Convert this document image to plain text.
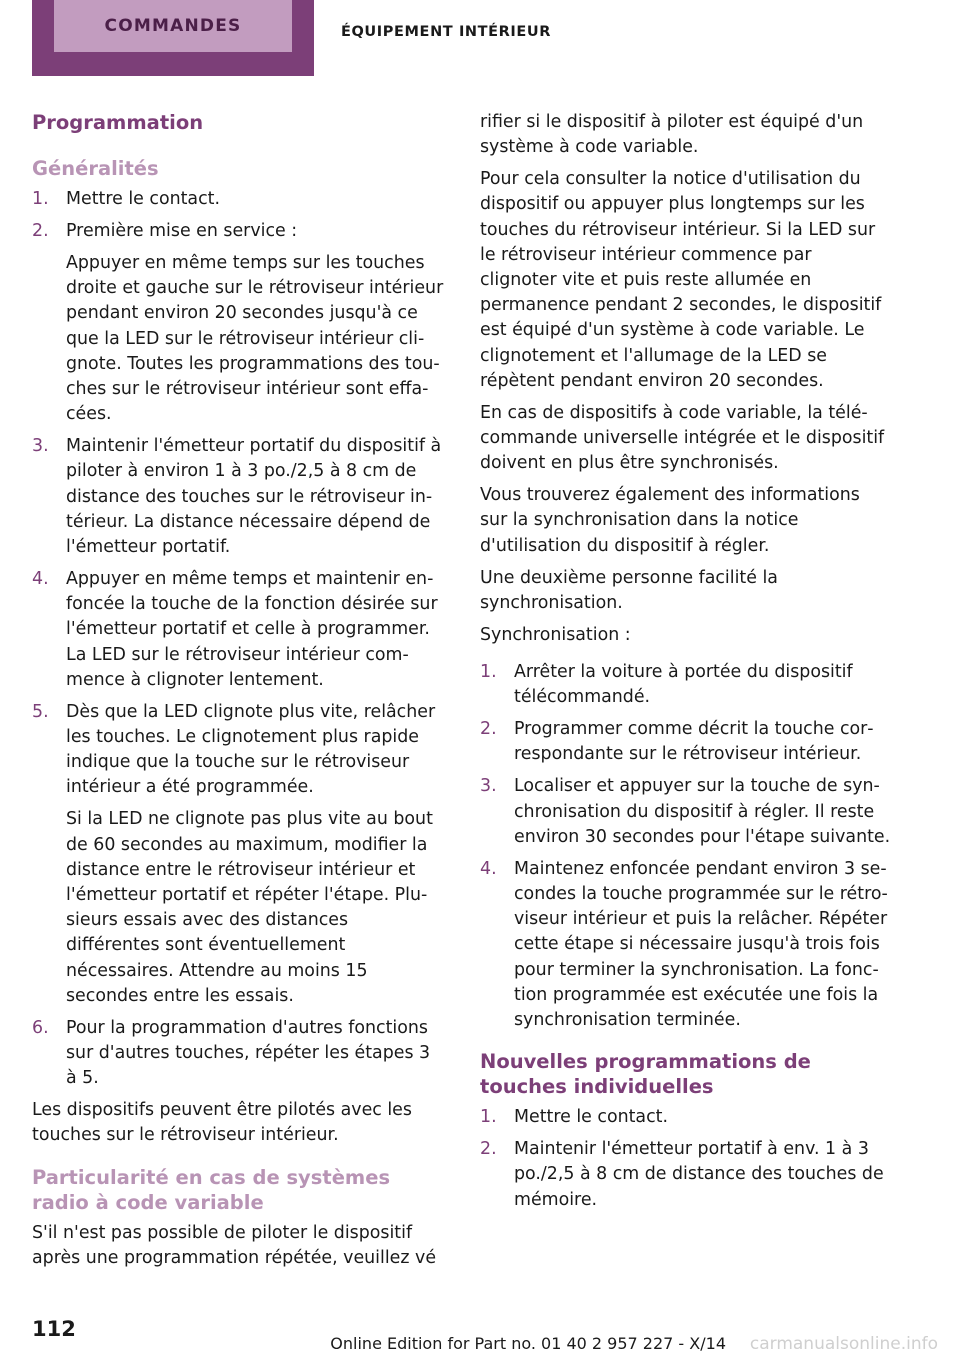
COMMANDES	ÉQUIPEMENT INTÉRIEUR
Programmation
Généralités
1. Mettre le contact.
2. Première mise en service :

Appuyer en même temps sur les touches droite et gauche sur le rétroviseur intérieur pendant environ 20 secondes jusqu'à ce que la LED sur le rétroviseur intérieur clignote. Toutes les programmations des touches sur le rétroviseur intérieur sont effacées.

3. Maintenir l'émetteur portatif du dispositif à piloter à environ 1 à 3 po./2,5 à 8 cm de distance des touches sur le rétroviseur intérieur. La distance nécessaire dépend de l'émetteur portatif.
4. Appuyer en même temps et maintenir enfoncée la touche de la fonction désirée sur l'émetteur portatif et celle à programmer. La LED sur le rétroviseur intérieur commence à clignoter lentement.
5. Dès que la LED clignote plus vite, relâcher les touches. Le clignotement plus rapide indique que la touche sur le rétroviseur intérieur a été programmée.

Si la LED ne clignote pas plus vite au bout de 60 secondes au maximum, modifier la distance entre le rétroviseur intérieur et l'émetteur portatif et répéter l'étape. Plusieurs essais avec des distances différentes sont éventuellement nécessaires. Attendre au moins 15 secondes entre les essais.

6. Pour la programmation d'autres fonctions sur d'autres touches, répéter les étapes 3 à 5.

Les dispositifs peuvent être pilotés avec les touches sur le rétroviseur intérieur.

Particularité en cas de systèmes radio à code variable

S'il n'est pas possible de piloter le dispositif après une programmation répétée, veuillez vé

rifier si le dispositif à piloter est équipé d'un système à code variable.

Pour cela consulter la notice d'utilisation du dispositif ou appuyer plus longtemps sur les touches du rétroviseur intérieur. Si la LED sur le rétroviseur intérieur commence par clignoter vite et puis reste allumée en permanence pendant 2 secondes, le dispositif est équipé d'un système à code variable. Le clignotement et l'allumage de la LED se répètent pendant environ 20 secondes.

En cas de dispositifs à code variable, la télécommande universelle intégrée et le dispositif doivent en plus être synchronisés.

Vous trouverez également des informations sur la synchronisation dans la notice d'utilisation du dispositif à régler.

Une deuxième personne facilité la synchronisation.

Synchronisation :

1. Arrêter la voiture à portée du dispositif télécommandé.
2. Programmer comme décrit la touche correspondante sur le rétroviseur intérieur.
3. Localiser et appuyer sur la touche de synchronisation du dispositif à régler. Il reste environ 30 secondes pour l'étape suivante.
4. Maintenez enfoncée pendant environ 3 secondes la touche programmée sur le rétroviseur intérieur et puis la relâcher. Répéter cette étape si nécessaire jusqu'à trois fois pour terminer la synchronisation. La fonction programmée est exécutée une fois la synchronisation terminée.
Nouvelles programmations de touches individuelles
1. Mettre le contact.
2. Maintenir l'émetteur portatif à env. 1 à 3 po./2,5 à 8 cm de distance des touches de mémoire.
112
Online Edition for Part no. 01 40 2 957 227 - X/14 carmanualsonline.info
